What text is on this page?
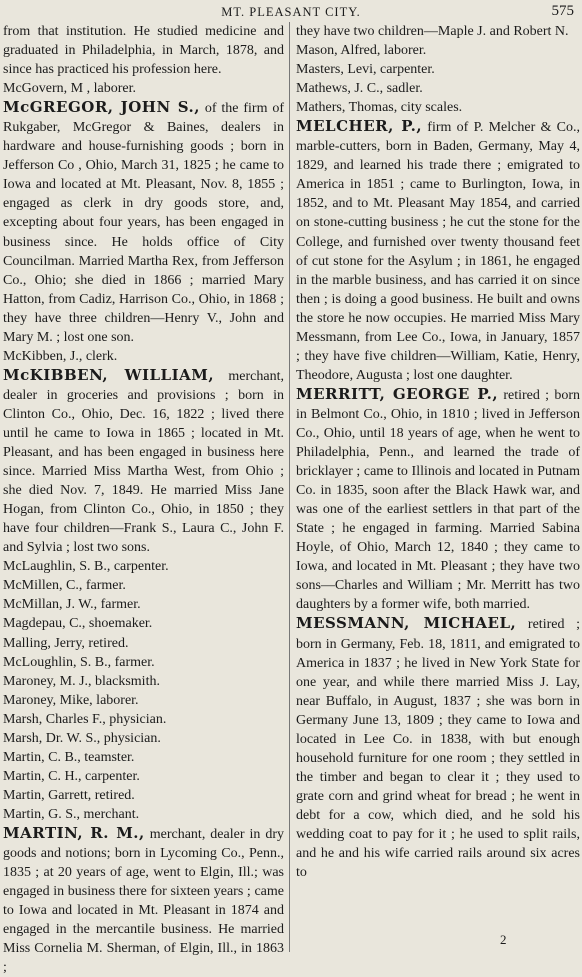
MT. PLEASANT CITY.	575

from that institution. He studied medicine and graduated in Philadelphia, in March, 1878, and since has practiced his profession here.

McGovern, M , laborer.

McGREGOR, JOHN S., of the firm of Rukgaber, McGregor & Baines, dealers in hardware and house-furnishing goods ; born in Jefferson Co , Ohio, March 31, 1825 ; he came to Iowa and located at Mt. Pleasant, Nov. 8, 1855 ; engaged as clerk in dry goods store, and, excepting about four years, has been engaged in business since. He holds office of City Councilman. Married Martha Rex, from Jefferson Co., Ohio; she died in 1866 ; married Mary Hatton, from Cadiz, Harrison Co., Ohio, in 1868 ; they have three children—Henry V., John and Mary M. ; lost one son.

McKibben, J., clerk.

McKIBBEN, WILLIAM, merchant, dealer in groceries and provisions ; born in Clinton Co., Ohio, Dec. 16, 1822 ; lived there until he came to Iowa in 1865 ; located in Mt. Pleasant, and has been engaged in business here since. Married Miss Martha West, from Ohio ; she died Nov. 7, 1849. He married Miss Jane Hogan, from Clinton Co., Ohio, in 1850 ; they have four children—Frank S., Laura C., John F. and Sylvia ; lost two sons.

McLaughlin, S. B., carpenter.

McMillen, C., farmer.

McMillan, J. W., farmer.

Magdepau, C., shoemaker.

Malling, Jerry, retired.

McLoughlin, S. B., farmer.

Maroney, M. J., blacksmith.

Maroney, Mike, laborer.

Marsh, Charles F., physician.

Marsh, Dr. W. S., physician.

Martin, C. B., teamster.

Martin, C. H., carpenter.

Martin, Garrett, retired.

Martin, G. S., merchant.

MARTIN, R. M., merchant, dealer in dry goods and notions; born in Lycoming Co., Penn., 1835 ; at 20 years of age, went to Elgin, Ill.; was engaged in business there for sixteen years ; came to Iowa and located in Mt. Pleasant in 1874 and engaged in the mercantile business. He married Miss Cornelia M. Sherman, of Elgin, Ill., in 1863 ;

they have two children—Maple J. and Robert N.

Mason, Alfred, laborer.

Masters, Levi, carpenter.

Mathews, J. C., sadler.

Mathers, Thomas, city scales.

MELCHER, P., firm of P. Melcher & Co., marble-cutters, born in Baden, Germany, May 4, 1829, and learned his trade there ; emigrated to America in 1851 ; came to Burlington, Iowa, in 1852, and to Mt. Pleasant May 1854, and carried on stone-cutting business ; he cut the stone for the College, and furnished over twenty thousand feet of cut stone for the Asylum ; in 1861, he engaged in the marble business, and has carried it on since then ; is doing a good business. He built and owns the store he now occupies. He married Miss Mary Messmann, from Lee Co., Iowa, in January, 1857 ; they have five children—William, Katie, Henry, Theodore, Augusta ; lost one daughter.

MERRITT, GEORGE P., retired ; born in Belmont Co., Ohio, in 1810 ; lived in Jefferson Co., Ohio, until 18 years of age, when he went to Philadelphia, Penn., and learned the trade of bricklayer ; came to Illinois and located in Putnam Co. in 1835, soon after the Black Hawk war, and was one of the earliest settlers in that part of the State ; he engaged in farming. Married Sabina Hoyle, of Ohio, March 12, 1840 ; they came to Iowa, and located in Mt. Pleasant ; they have two sons—Charles and William ; Mr. Merritt has two daughters by a former wife, both married.

MESSMANN, MICHAEL, retired ; born in Germany, Feb. 18, 1811, and emigrated to America in 1837 ; he lived in New York State for one year, and while there married Miss J. Lay, near Buffalo, in August, 1837 ; she was born in Germany June 13, 1809 ; they came to Iowa and located in Lee Co. in 1838, with but enough household furniture for one room ; they settled in the timber and began to clear it ; they used to grate corn and grind wheat for bread ; he went in debt for a cow, which died, and he sold his wedding coat to pay for it ; he used to split rails, and he and his wife carried rails around six acres to

2
